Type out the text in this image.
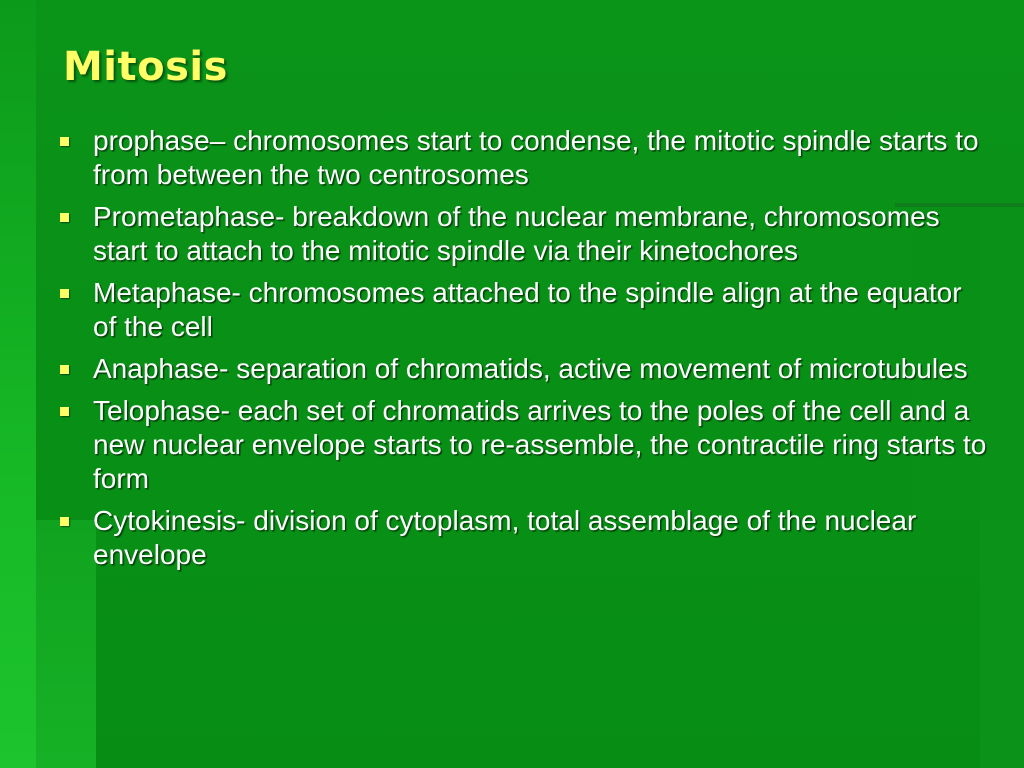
Mitosis
prophase– chromosomes start to condense, the mitotic spindle starts to from between the two centrosomes
Prometaphase- breakdown of the nuclear membrane, chromosomes start to attach to the mitotic spindle via their kinetochores
Metaphase- chromosomes attached to the spindle align at the equator of the cell
Anaphase- separation of chromatids, active movement of microtubules
Telophase- each set of chromatids arrives to the poles of the cell and a new nuclear envelope starts to re-assemble, the contractile ring starts to form
Cytokinesis- division of cytoplasm, total assemblage of the nuclear envelope
